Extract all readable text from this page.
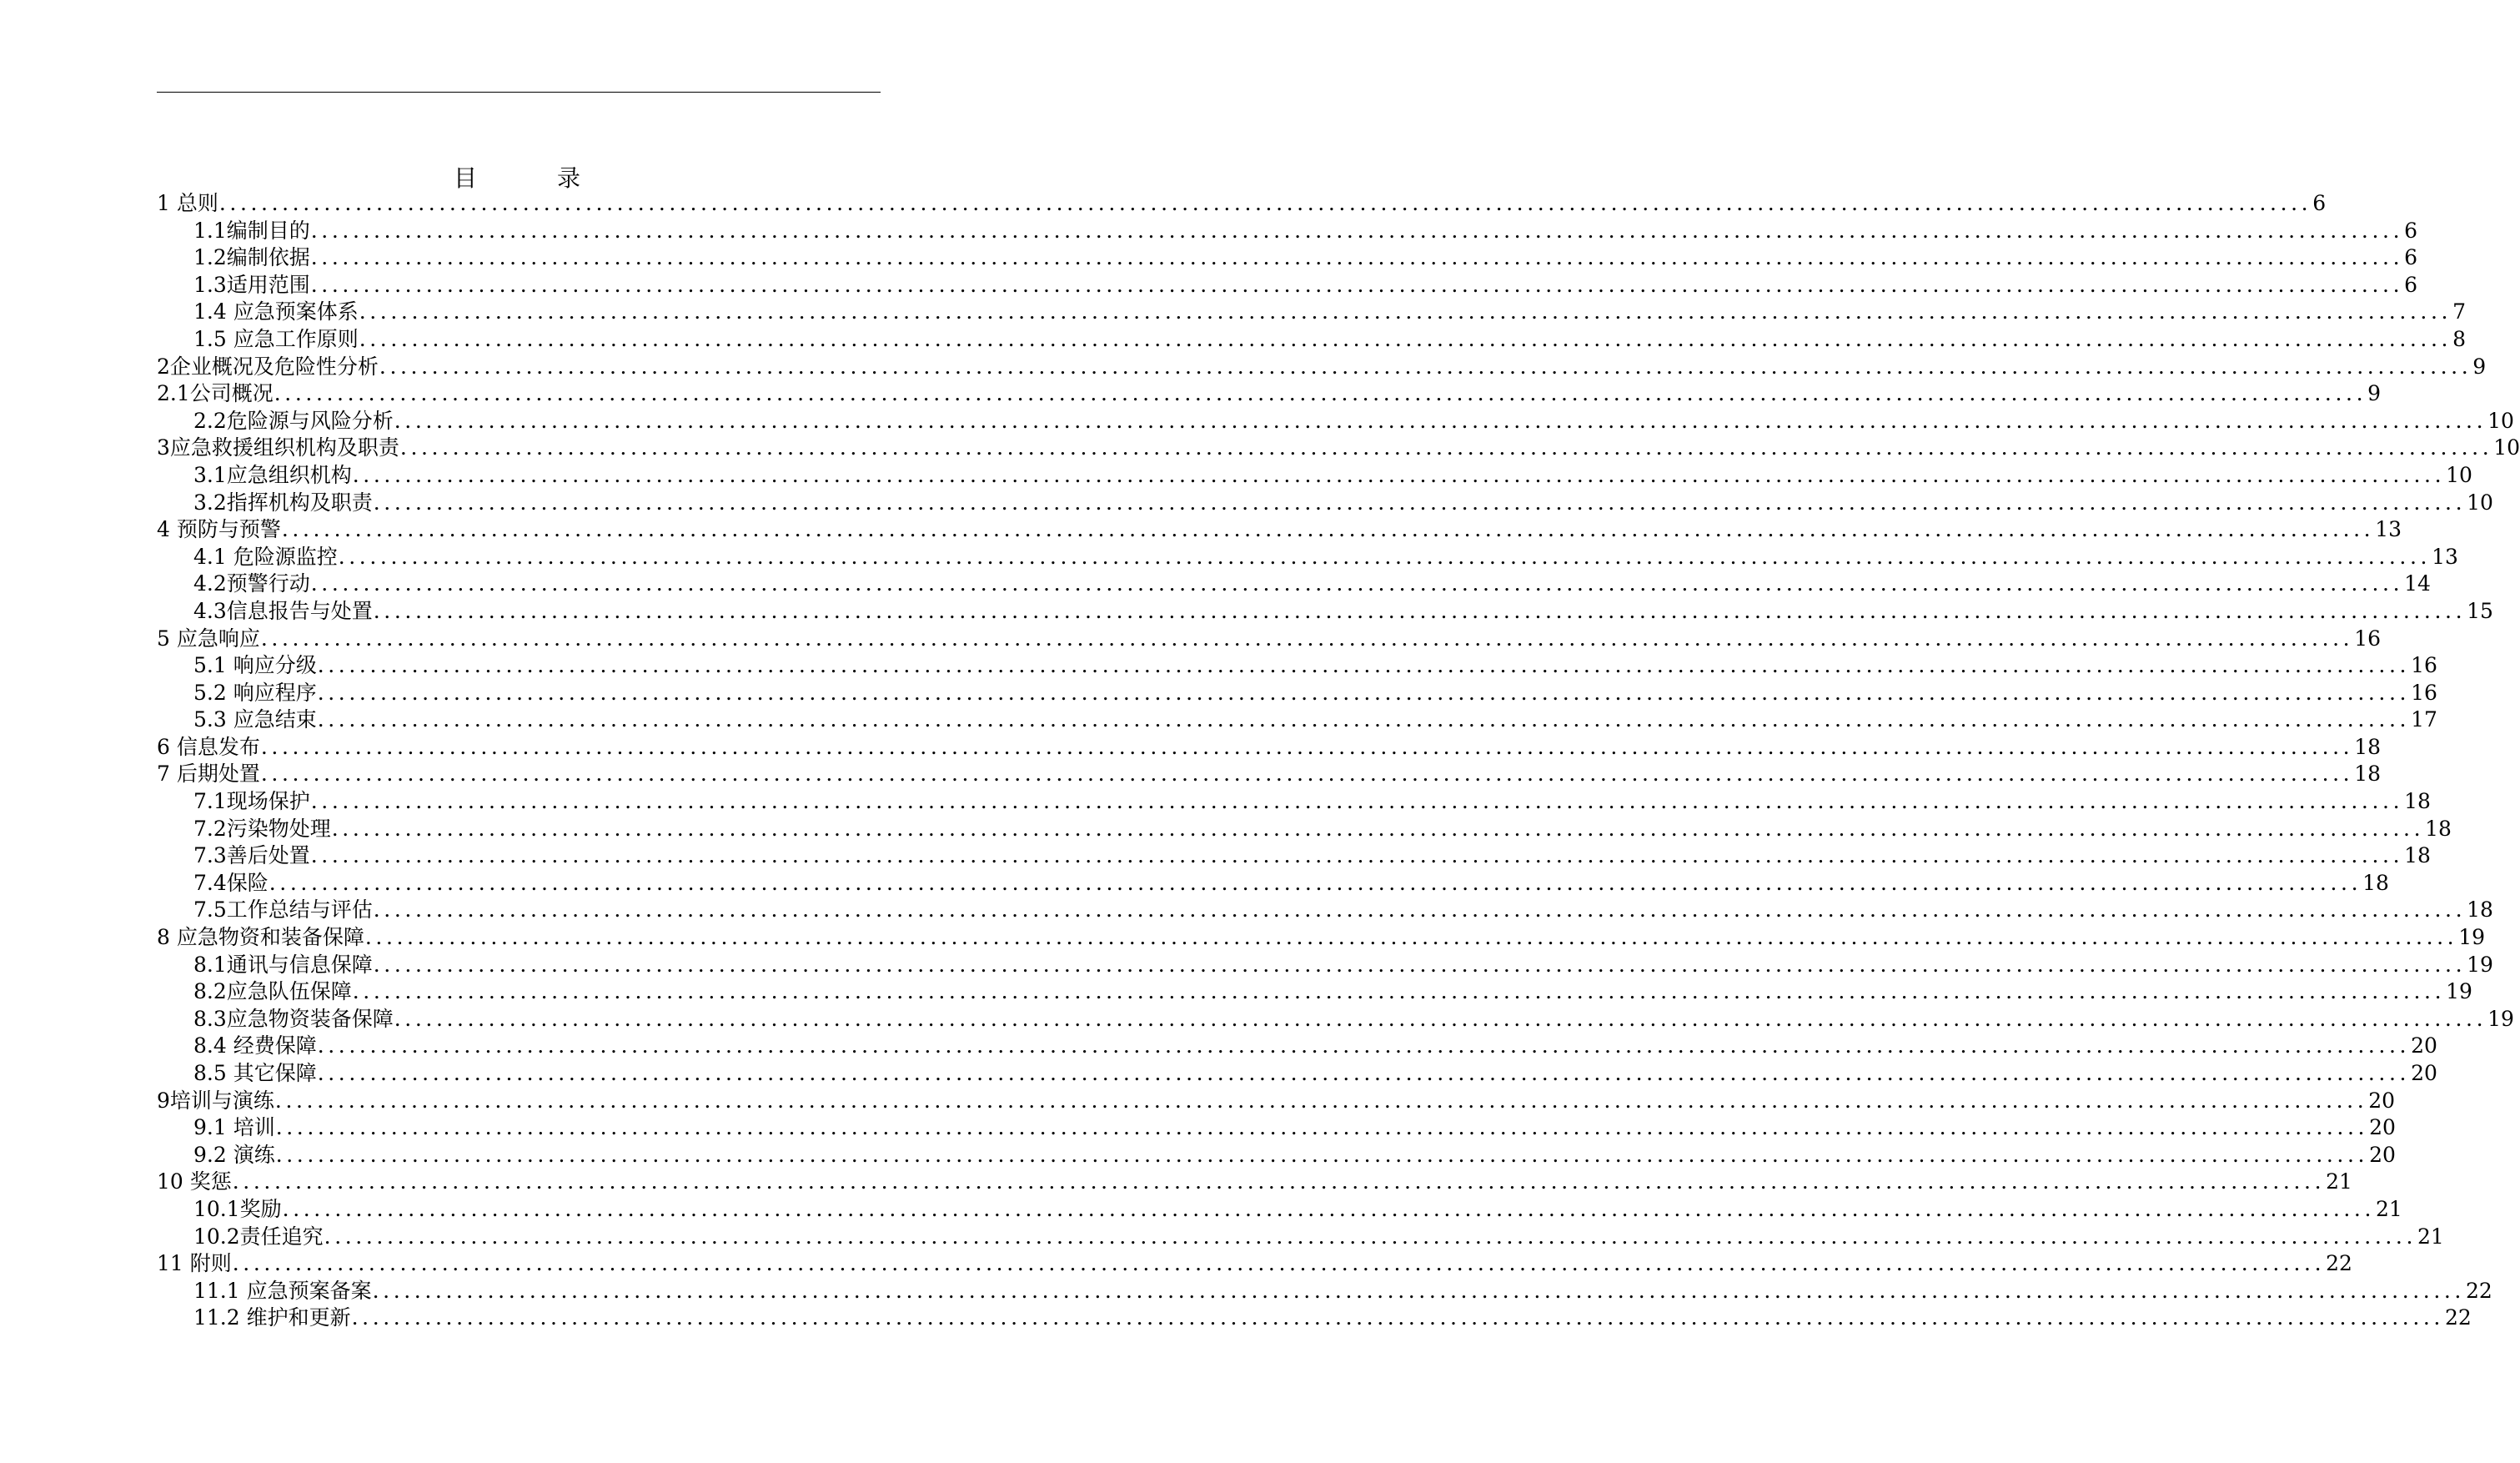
目	录
1 总则 ........................................................................................................................................................................................................ 6
1.1编制目的 ........................................................................................................................................................................................................ 6
1.2编制依据 ........................................................................................................................................................................................................ 6
1.3适用范围 ........................................................................................................................................................................................................ 6
1.4 应急预案体系 ........................................................................................................................................................................................................ 7
1.5 应急工作原则 ........................................................................................................................................................................................................ 8
2企业概况及危险性分析 ........................................................................................................................................................................................................ 9
2.1公司概况 ........................................................................................................................................................................................................ 9
2.2危险源与风险分析 ........................................................................................................................................................................................................ 10
3应急救援组织机构及职责 ........................................................................................................................................................................................................ 10
3.1应急组织机构 ........................................................................................................................................................................................................ 10
3.2指挥机构及职责 ........................................................................................................................................................................................................ 10
4 预防与预警 ........................................................................................................................................................................................................ 13
4.1 危险源监控 ........................................................................................................................................................................................................ 13
4.2预警行动 ........................................................................................................................................................................................................ 14
4.3信息报告与处置 ........................................................................................................................................................................................................ 15
5 应急响应 ........................................................................................................................................................................................................ 16
5.1 响应分级 ........................................................................................................................................................................................................ 16
5.2 响应程序 ........................................................................................................................................................................................................ 16
5.3 应急结束 ........................................................................................................................................................................................................ 17
6 信息发布 ........................................................................................................................................................................................................ 18
7 后期处置 ........................................................................................................................................................................................................ 18
7.1现场保护 ........................................................................................................................................................................................................ 18
7.2污染物处理 ........................................................................................................................................................................................................ 18
7.3善后处置 ........................................................................................................................................................................................................ 18
7.4保险 ........................................................................................................................................................................................................ 18
7.5工作总结与评估 ........................................................................................................................................................................................................ 18
8 应急物资和装备保障 ........................................................................................................................................................................................................ 19
8.1通讯与信息保障 ........................................................................................................................................................................................................ 19
8.2应急队伍保障 ........................................................................................................................................................................................................ 19
8.3应急物资装备保障 ........................................................................................................................................................................................................ 19
8.4 经费保障 ........................................................................................................................................................................................................ 20
8.5 其它保障 ........................................................................................................................................................................................................ 20
9培训与演练 ........................................................................................................................................................................................................ 20
9.1 培训 ........................................................................................................................................................................................................ 20
9.2 演练 ........................................................................................................................................................................................................ 20
10 奖惩 ........................................................................................................................................................................................................ 21
10.1奖励 ........................................................................................................................................................................................................ 21
10.2责任追究 ........................................................................................................................................................................................................ 21
11 附则 ........................................................................................................................................................................................................ 22
11.1 应急预案备案 ........................................................................................................................................................................................................ 22
11.2 维护和更新 ........................................................................................................................................................................................................ 22
